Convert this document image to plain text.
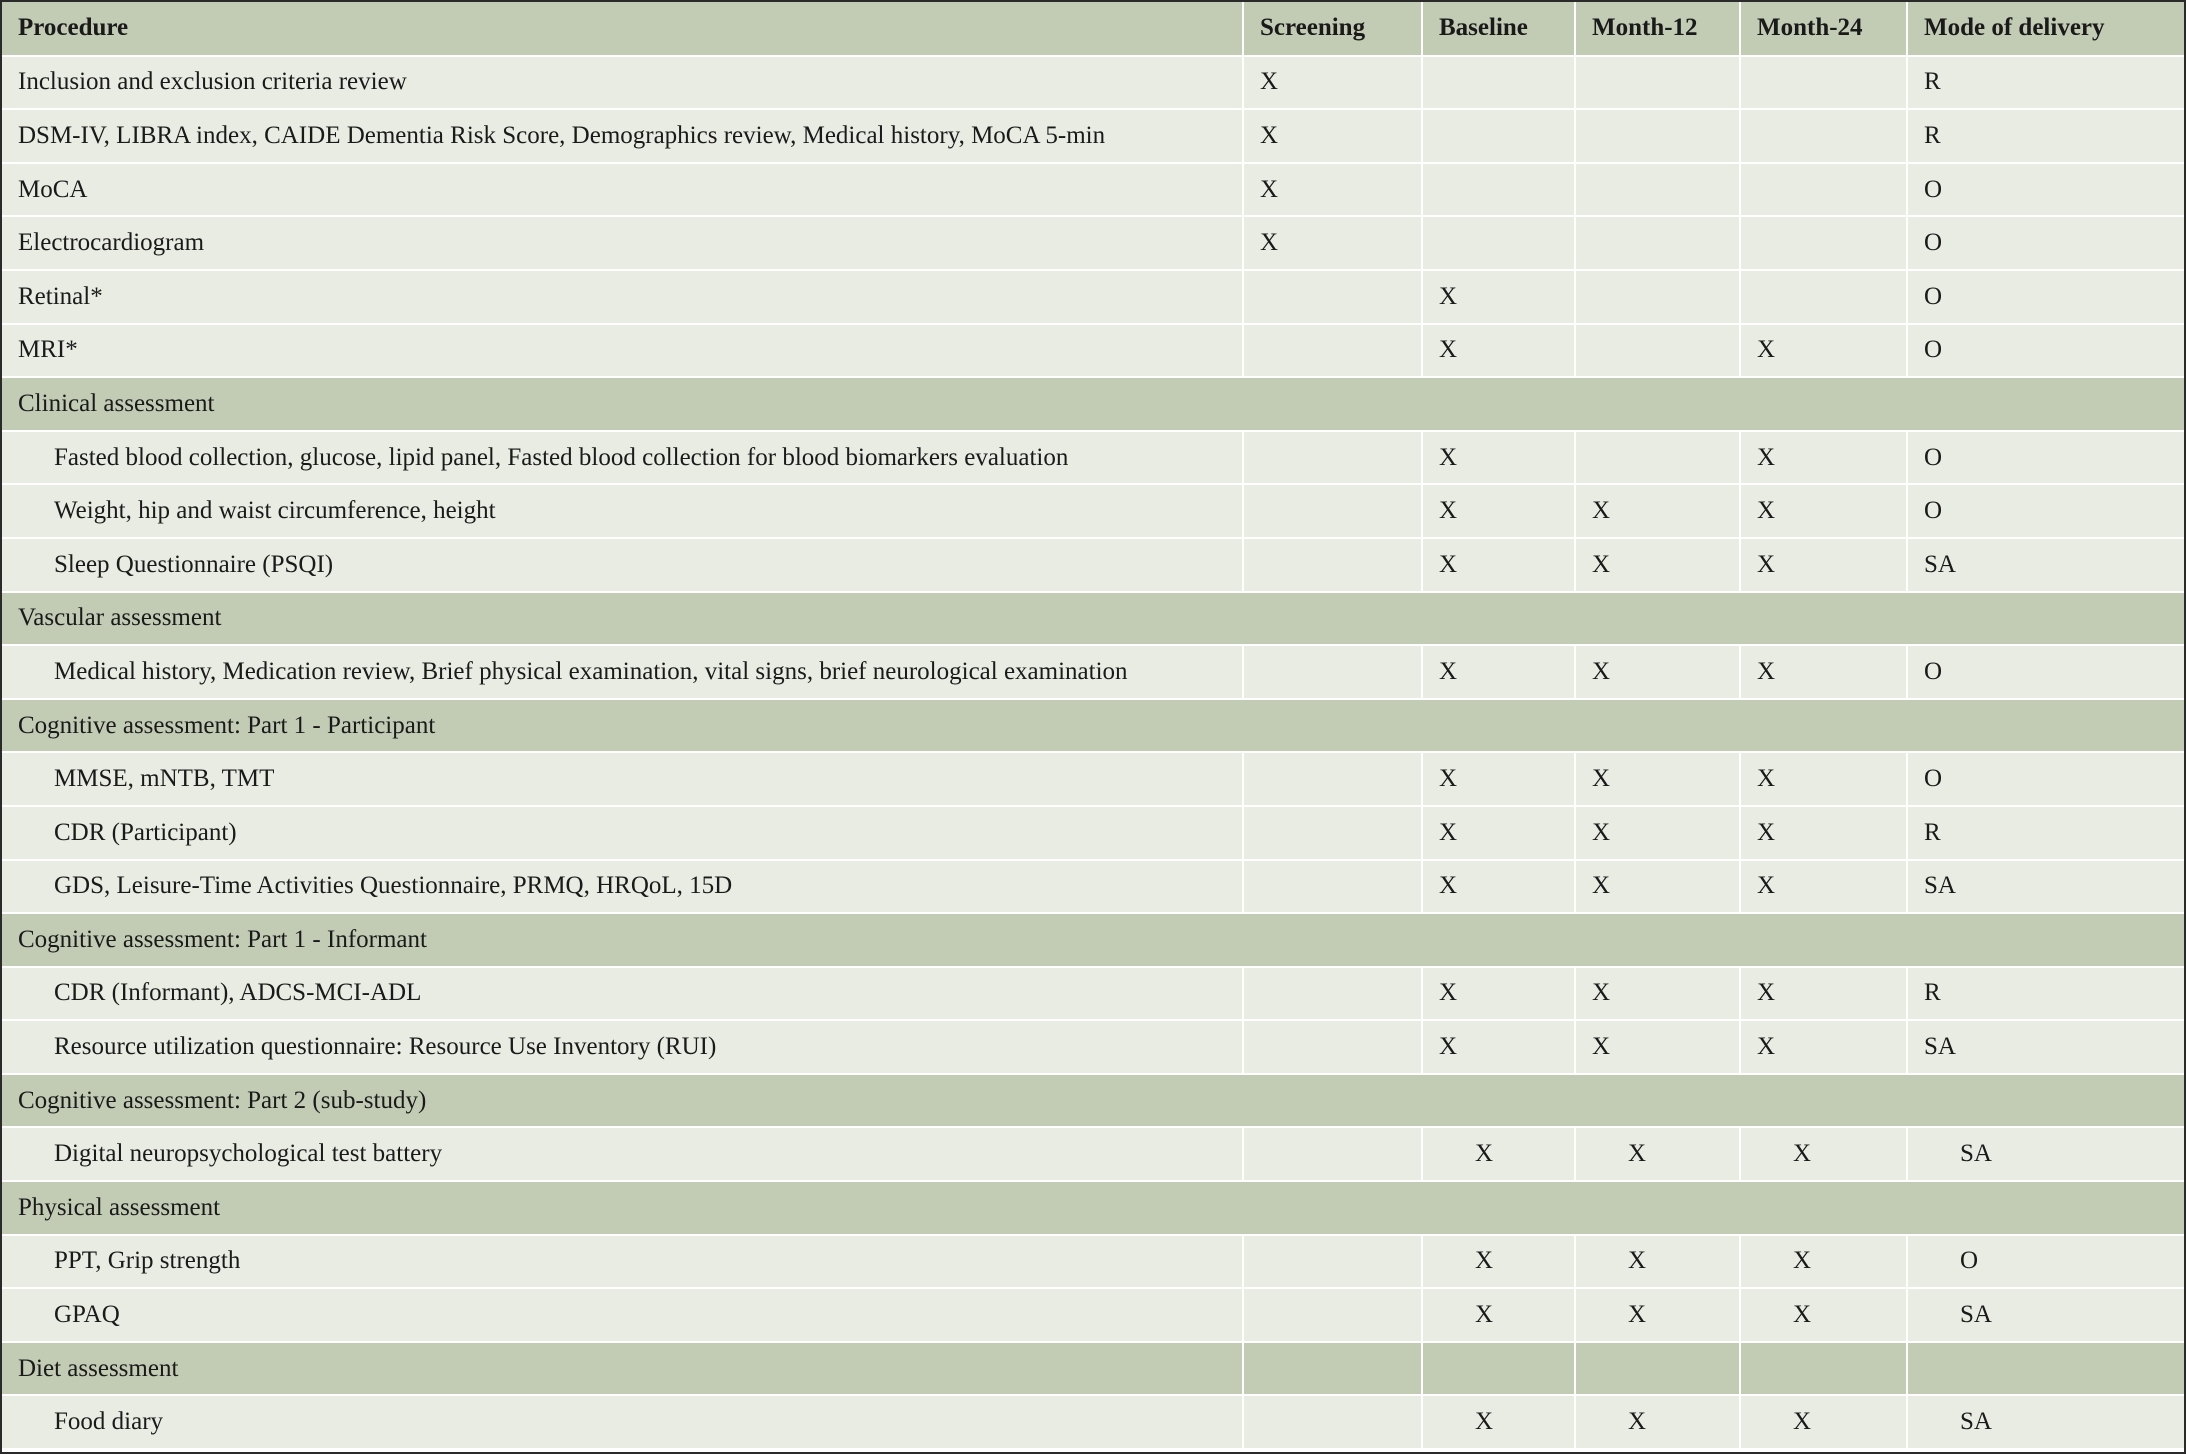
Procedure	Screening	Baseline	Month-12	Month-24	Mode of delivery
Inclusion and exclusion criteria review	X				R
DSM-IV, LIBRA index, CAIDE Dementia Risk Score, Demographics review, Medical history, MoCA 5-min	X				R
MoCA	X				O
Electrocardiogram	X				O
Retinal*		X			O
MRI*		X		X	O
Clinical assessment					
Fasted blood collection, glucose, lipid panel, Fasted blood collection for blood biomarkers evaluation		X		X	O
Weight, hip and waist circumference, height		X	X	X	O
Sleep Questionnaire (PSQI)		X	X	X	SA
Vascular assessment					
Medical history, Medication review, Brief physical examination, vital signs, brief neurological examination		X	X	X	O
Cognitive assessment: Part 1 - Participant					
MMSE, mNTB, TMT		X	X	X	O
CDR (Participant)		X	X	X	R
GDS, Leisure-Time Activities Questionnaire, PRMQ, HRQoL, 15D		X	X	X	SA
Cognitive assessment: Part 1 - Informant					
CDR (Informant), ADCS-MCI-ADL		X	X	X	R
Resource utilization questionnaire: Resource Use Inventory (RUI)		X	X	X	SA
Cognitive assessment: Part 2 (sub-study)					
Digital neuropsychological test battery		X	X	X	SA
Physical assessment					
PPT, Grip strength		X	X	X	O
GPAQ		X	X	X	SA
Diet assessment					
Food diary		X	X	X	SA
